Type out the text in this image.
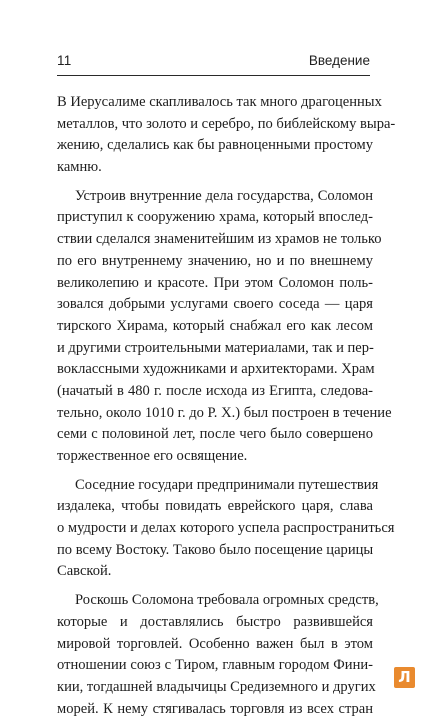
11	Введение

В Иерусалиме скапливалось так много драгоценных
металлов, что золото и серебро, по библейскому выра-
жению, сделались как бы равноценными простому
камню.

Устроив внутренние дела государства, Соломон
приступил к сооружению храма, который впослед-
ствии сделался знаменитейшим из храмов не только
по его внутреннему значению, но и по внешнему
великолепию и красоте. При этом Соломон поль-
зовался добрыми услугами своего соседа — царя
тирского Хирама, который снабжал его как лесом
и другими строительными материалами, так и пер-
воклассными художниками и архитекторами. Храм
(начатый в 480 г. после исхода из Египта, следова-
тельно, около 1010 г. до Р. Х.) был построен в течение
семи с половиной лет, после чего было совершено
торжественное его освящение.

Соседние государи предпринимали путешествия
издалека, чтобы повидать еврейского царя, слава
о мудрости и делах которого успела распространиться
по всему Востоку. Таково было посещение царицы
Савской.

Роскошь Соломона требовала огромных средств,
которые и доставлялись быстро развившейся
мировой торговлей. Особенно важен был в этом
отношении союз с Тиром, главным городом Фини-
кии, тогдашней владычицы Средиземного и других
морей. К нему стягивалась торговля из всех стран

Л
